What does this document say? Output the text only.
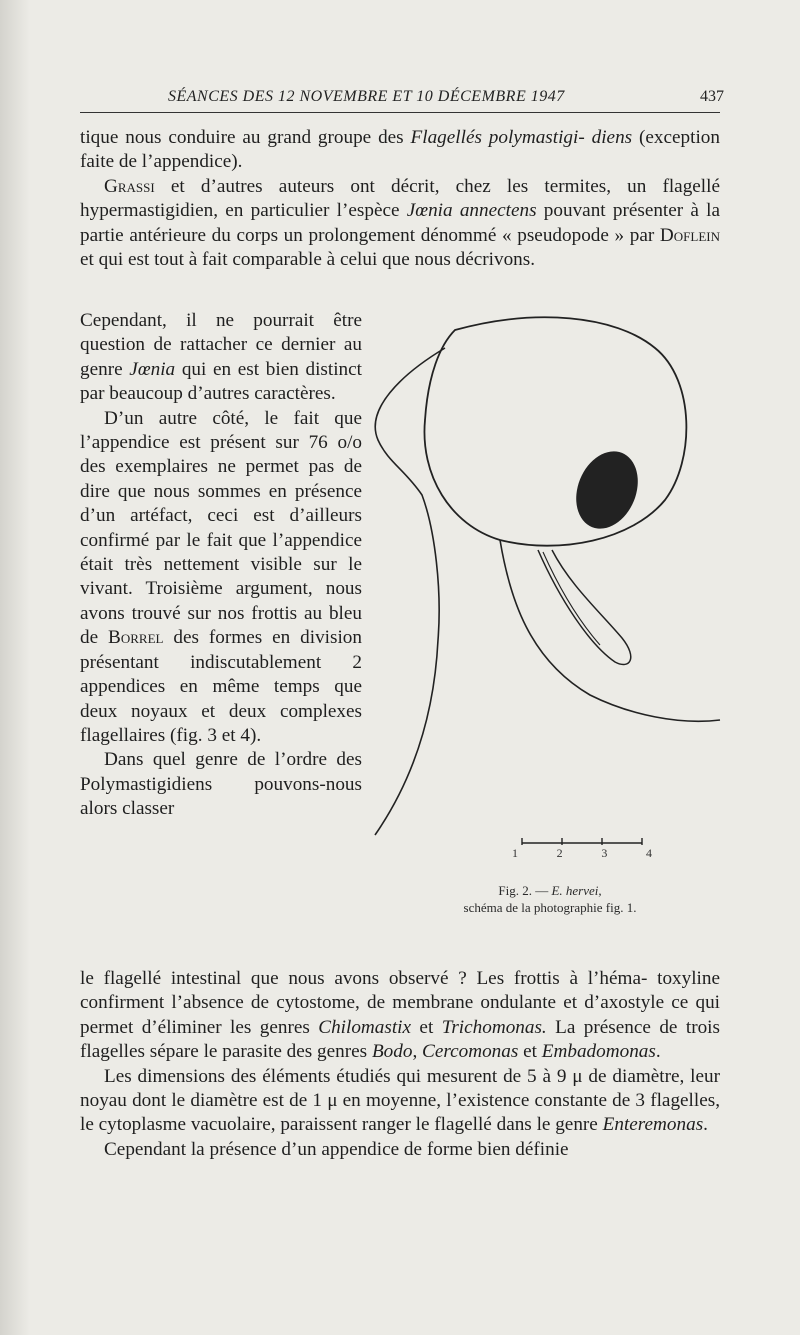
SÉANCES DES 12 NOVEMBRE ET 10 DÉCEMBRE 1947	437

tique nous conduire au grand groupe des Flagellés polymastigi- diens (exception faite de l’appendice).

Grassi et d’autres auteurs ont décrit, chez les termites, un flagellé hypermastigidien, en particulier l’espèce Jœnia annectens pouvant présenter à la partie antérieure du corps un prolongement dénommé « pseudopode » par Doflein et qui est tout à fait comparable à celui que nous décrivons.

Cependant, il ne pourrait être question de rattacher ce dernier au genre Jœnia qui en est bien distinct par beaucoup d’autres caractères.

D’un autre côté, le fait que l’appendice est présent sur 76 o/o des exemplaires ne permet pas de dire que nous sommes en présence d’un artéfact, ceci est d’ailleurs confirmé par le fait que l’appendice était très nettement visible sur le vivant. Troisième argument, nous avons trouvé sur nos frottis au bleu de Borrel des formes en division présentant indiscutablement 2 appendices en même temps que deux noyaux et deux complexes flagellaires (fig. 3 et 4).

Dans quel genre de l’ordre des Polymastigidiens pouvons-nous alors classer

1	2	3	4
Fig. 2. — E. hervei,
schéma de la photographie fig. 1.

le flagellé intestinal que nous avons observé ? Les frottis à l’héma- toxyline confirment l’absence de cytostome, de membrane ondulante et d’axostyle ce qui permet d’éliminer les genres Chilomastix et Trichomonas. La présence de trois flagelles sépare le parasite des genres Bodo, Cercomonas et Embadomonas.

Les dimensions des éléments étudiés qui mesurent de 5 à 9 μ de diamètre, leur noyau dont le diamètre est de 1 μ en moyenne, l’existence constante de 3 flagelles, le cytoplasme vacuolaire, paraissent ranger le flagellé dans le genre Enteremonas.

Cependant la présence d’un appendice de forme bien définie
